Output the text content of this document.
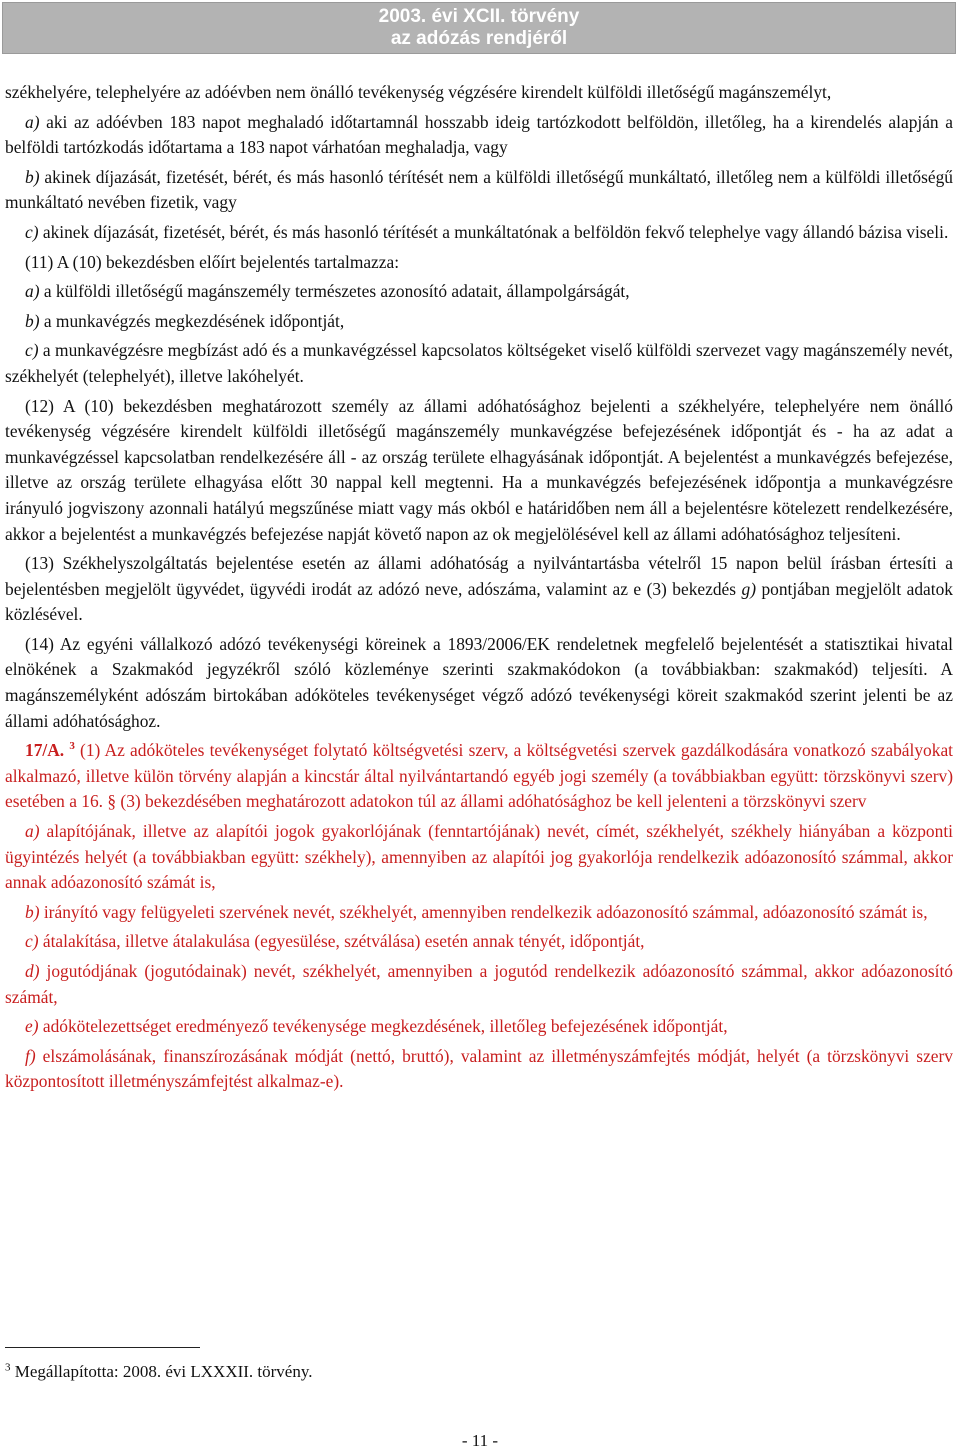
2003. évi XCII. törvény
az adózás rendjéről

székhelyére, telephelyére az adóévben nem önálló tevékenység végzésére kirendelt külföldi illetőségű magánszemélyt,

a) aki az adóévben 183 napot meghaladó időtartamnál hosszabb ideig tartózkodott belföldön, illetőleg, ha a kirendelés alapján a belföldi tartózkodás időtartama a 183 napot várhatóan meghaladja, vagy

b) akinek díjazását, fizetését, bérét, és más hasonló térítését nem a külföldi illetőségű munkáltató, illetőleg nem a külföldi illetőségű munkáltató nevében fizetik, vagy

c) akinek díjazását, fizetését, bérét, és más hasonló térítését a munkáltatónak a belföldön fekvő telephelye vagy állandó bázisa viseli.

(11) A (10) bekezdésben előírt bejelentés tartalmazza:

a) a külföldi illetőségű magánszemély természetes azonosító adatait, állampolgárságát,

b) a munkavégzés megkezdésének időpontját,

c) a munkavégzésre megbízást adó és a munkavégzéssel kapcsolatos költségeket viselő külföldi szervezet vagy magánszemély nevét, székhelyét (telephelyét), illetve lakóhelyét.

(12) A (10) bekezdésben meghatározott személy az állami adóhatósághoz bejelenti a székhelyére, telephelyére nem önálló tevékenység végzésére kirendelt külföldi illetőségű magánszemély munkavégzése befejezésének időpontját és - ha az adat a munkavégzéssel kapcsolatban rendelkezésére áll - az ország területe elhagyásának időpontját. A bejelentést a munkavégzés befejezése, illetve az ország területe elhagyása előtt 30 nappal kell megtenni. Ha a munkavégzés befejezésének időpontja a munkavégzésre irányuló jogviszony azonnali hatályú megszűnése miatt vagy más okból e határidőben nem áll a bejelentésre kötelezett rendelkezésére, akkor a bejelentést a munkavégzés befejezése napját követő napon az ok megjelölésével kell az állami adóhatósághoz teljesíteni.

(13) Székhelyszolgáltatás bejelentése esetén az állami adóhatóság a nyilvántartásba vételről 15 napon belül írásban értesíti a bejelentésben megjelölt ügyvédet, ügyvédi irodát az adózó neve, adószáma, valamint az e (3) bekezdés g) pontjában megjelölt adatok közlésével.

(14) Az egyéni vállalkozó adózó tevékenységi köreinek a 1893/2006/EK rendeletnek megfelelő bejelentését a statisztikai hivatal elnökének a Szakmakód jegyzékről szóló közleménye szerinti szakmakódokon (a továbbiakban: szakmakód) teljesíti. A magánszemélyként adószám birtokában adóköteles tevékenységet végző adózó tevékenységi köreit szakmakód szerint jelenti be az állami adóhatósághoz.

17/A. $^3$ (1) Az adóköteles tevékenységet folytató költségvetési szerv, a költségvetési szervek gazdálkodására vonatkozó szabályokat alkalmazó, illetve külön törvény alapján a kincstár által nyilvántartandó egyéb jogi személy (a továbbiakban együtt: törzskönyvi szerv) esetében a 16. § (3) bekezdésében meghatározott adatokon túl az állami adóhatósághoz be kell jelenteni a törzskönyvi szerv

a) alapítójának, illetve az alapítói jogok gyakorlójának (fenntartójának) nevét, címét, székhelyét, székhely hiányában a központi ügyintézés helyét (a továbbiakban együtt: székhely), amennyiben az alapítói jog gyakorlója rendelkezik adóazonosító számmal, akkor annak adóazonosító számát is,

b) irányító vagy felügyeleti szervének nevét, székhelyét, amennyiben rendelkezik adóazonosító számmal, adóazonosító számát is,

c) átalakítása, illetve átalakulása (egyesülése, szétválása) esetén annak tényét, időpontját,

d) jogutódjának (jogutódainak) nevét, székhelyét, amennyiben a jogutód rendelkezik adóazonosító számmal, akkor adóazonosító számát,

e) adókötelezettséget eredményező tevékenysége megkezdésének, illetőleg befejezésének időpontját,

f) elszámolásának, finanszírozásának módját (nettó, bruttó), valamint az illetményszámfejtés módját, helyét (a törzskönyvi szerv központosított illetményszámfejtést alkalmaz-e).

$^3$ Megállapította: 2008. évi LXXXII. törvény.
- 11 -
